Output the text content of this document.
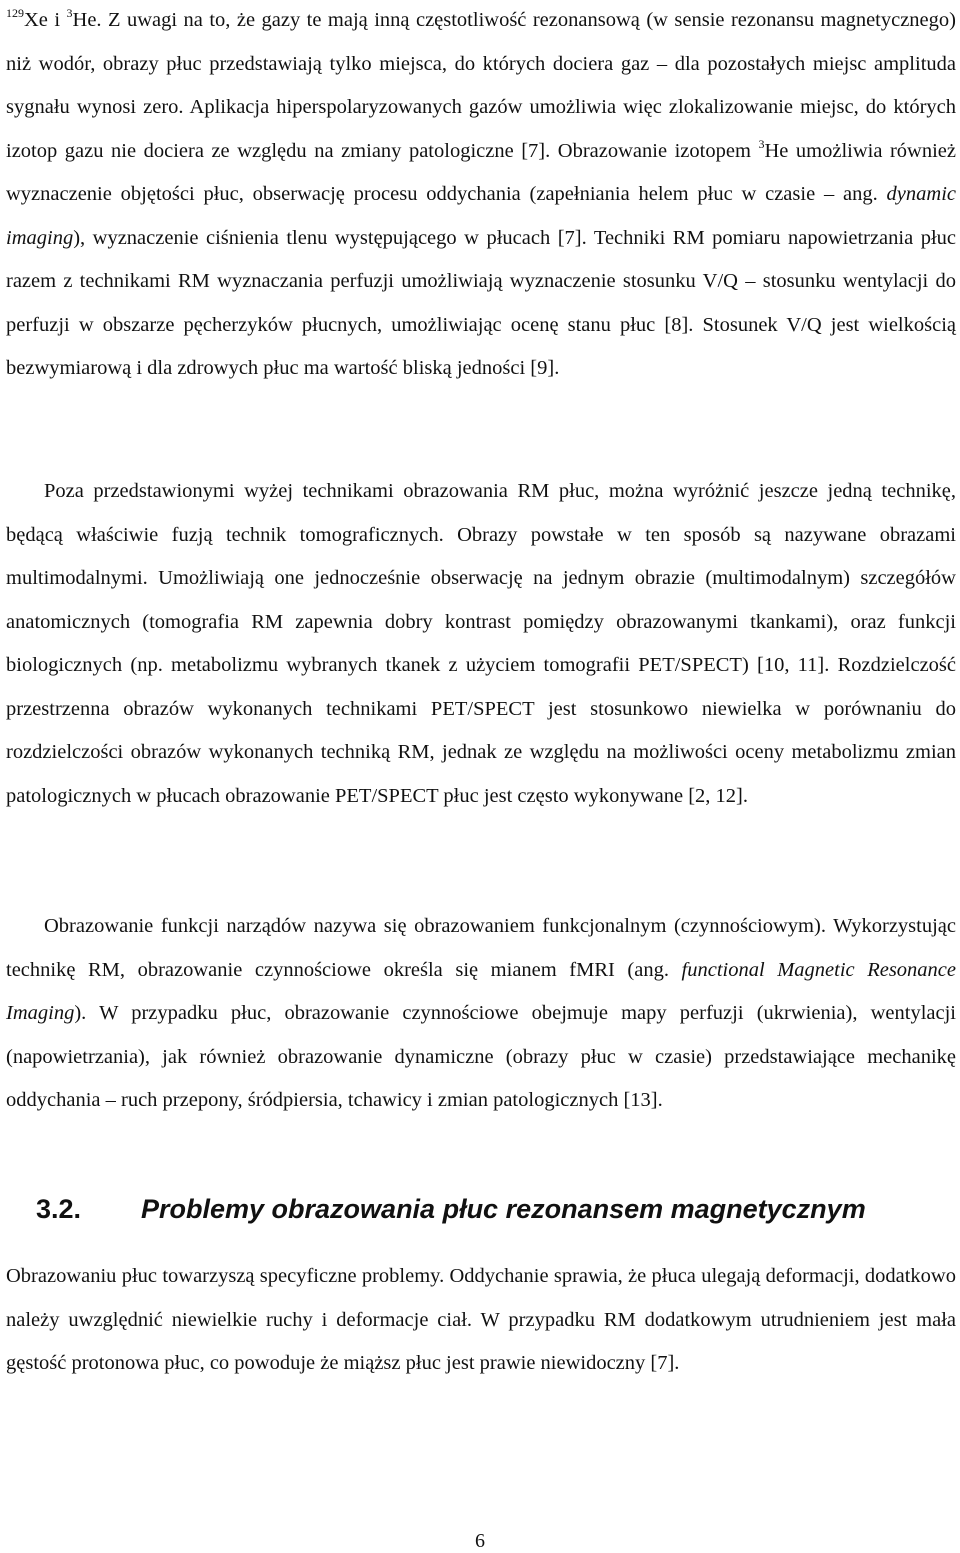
$^{129}$Xe i $^3$He. Z uwagi na to, że gazy te mają inną częstotliwość rezonansową (w sensie rezonansu magnetycznego) niż wodór, obrazy płuc przedstawiają tylko miejsca, do których dociera gaz – dla pozostałych miejsc amplituda sygnału wynosi zero. Aplikacja hiperspolaryzowanych gazów umożliwia więc zlokalizowanie miejsc, do których izotop gazu nie dociera ze względu na zmiany patologiczne [7]. Obrazowanie izotopem $^3$He umożliwia również wyznaczenie objętości płuc, obserwację procesu oddychania (zapełniania helem płuc w czasie – ang. dynamic imaging), wyznaczenie ciśnienia tlenu występującego w płucach [7]. Techniki RM pomiaru napowietrzania płuc razem z technikami RM wyznaczania perfuzji umożliwiają wyznaczenie stosunku V/Q – stosunku wentylacji do perfuzji w obszarze pęcherzyków płucnych, umożliwiając ocenę stanu płuc [8]. Stosunek V/Q jest wielkością bezwymiarową i dla zdrowych płuc ma wartość bliską jedności [9].

Poza przedstawionymi wyżej technikami obrazowania RM płuc, można wyróżnić jeszcze jedną technikę, będącą właściwie fuzją technik tomograficznych. Obrazy powstałe w ten sposób są nazywane obrazami multimodalnymi. Umożliwiają one jednocześnie obserwację na jednym obrazie (multimodalnym) szczegółów anatomicznych (tomografia RM zapewnia dobry kontrast pomiędzy obrazowanymi tkankami), oraz funkcji biologicznych (np. metabolizmu wybranych tkanek z użyciem tomografii PET/SPECT) [10, 11]. Rozdzielczość przestrzenna obrazów wykonanych technikami PET/SPECT jest stosunkowo niewielka w porównaniu do rozdzielczości obrazów wykonanych techniką RM, jednak ze względu na możliwości oceny metabolizmu zmian patologicznych w płucach obrazowanie PET/SPECT płuc jest często wykonywane [2, 12].

Obrazowanie funkcji narządów nazywa się obrazowaniem funkcjonalnym (czynnościowym). Wykorzystując technikę RM, obrazowanie czynnościowe określa się mianem fMRI (ang. functional Magnetic Resonance Imaging). W przypadku płuc, obrazowanie czynnościowe obejmuje mapy perfuzji (ukrwienia), wentylacji (napowietrzania), jak również obrazowanie dynamiczne (obrazy płuc w czasie) przedstawiające mechanikę oddychania – ruch przepony, śródpiersia, tchawicy i zmian patologicznych [13].

3.2. Problemy obrazowania płuc rezonansem magnetycznym

Obrazowaniu płuc towarzyszą specyficzne problemy. Oddychanie sprawia, że płuca ulegają deformacji, dodatkowo należy uwzględnić niewielkie ruchy i deformacje ciał. W przypadku RM dodatkowym utrudnieniem jest mała gęstość protonowa płuc, co powoduje że miąższ płuc jest prawie niewidoczny [7].

6
